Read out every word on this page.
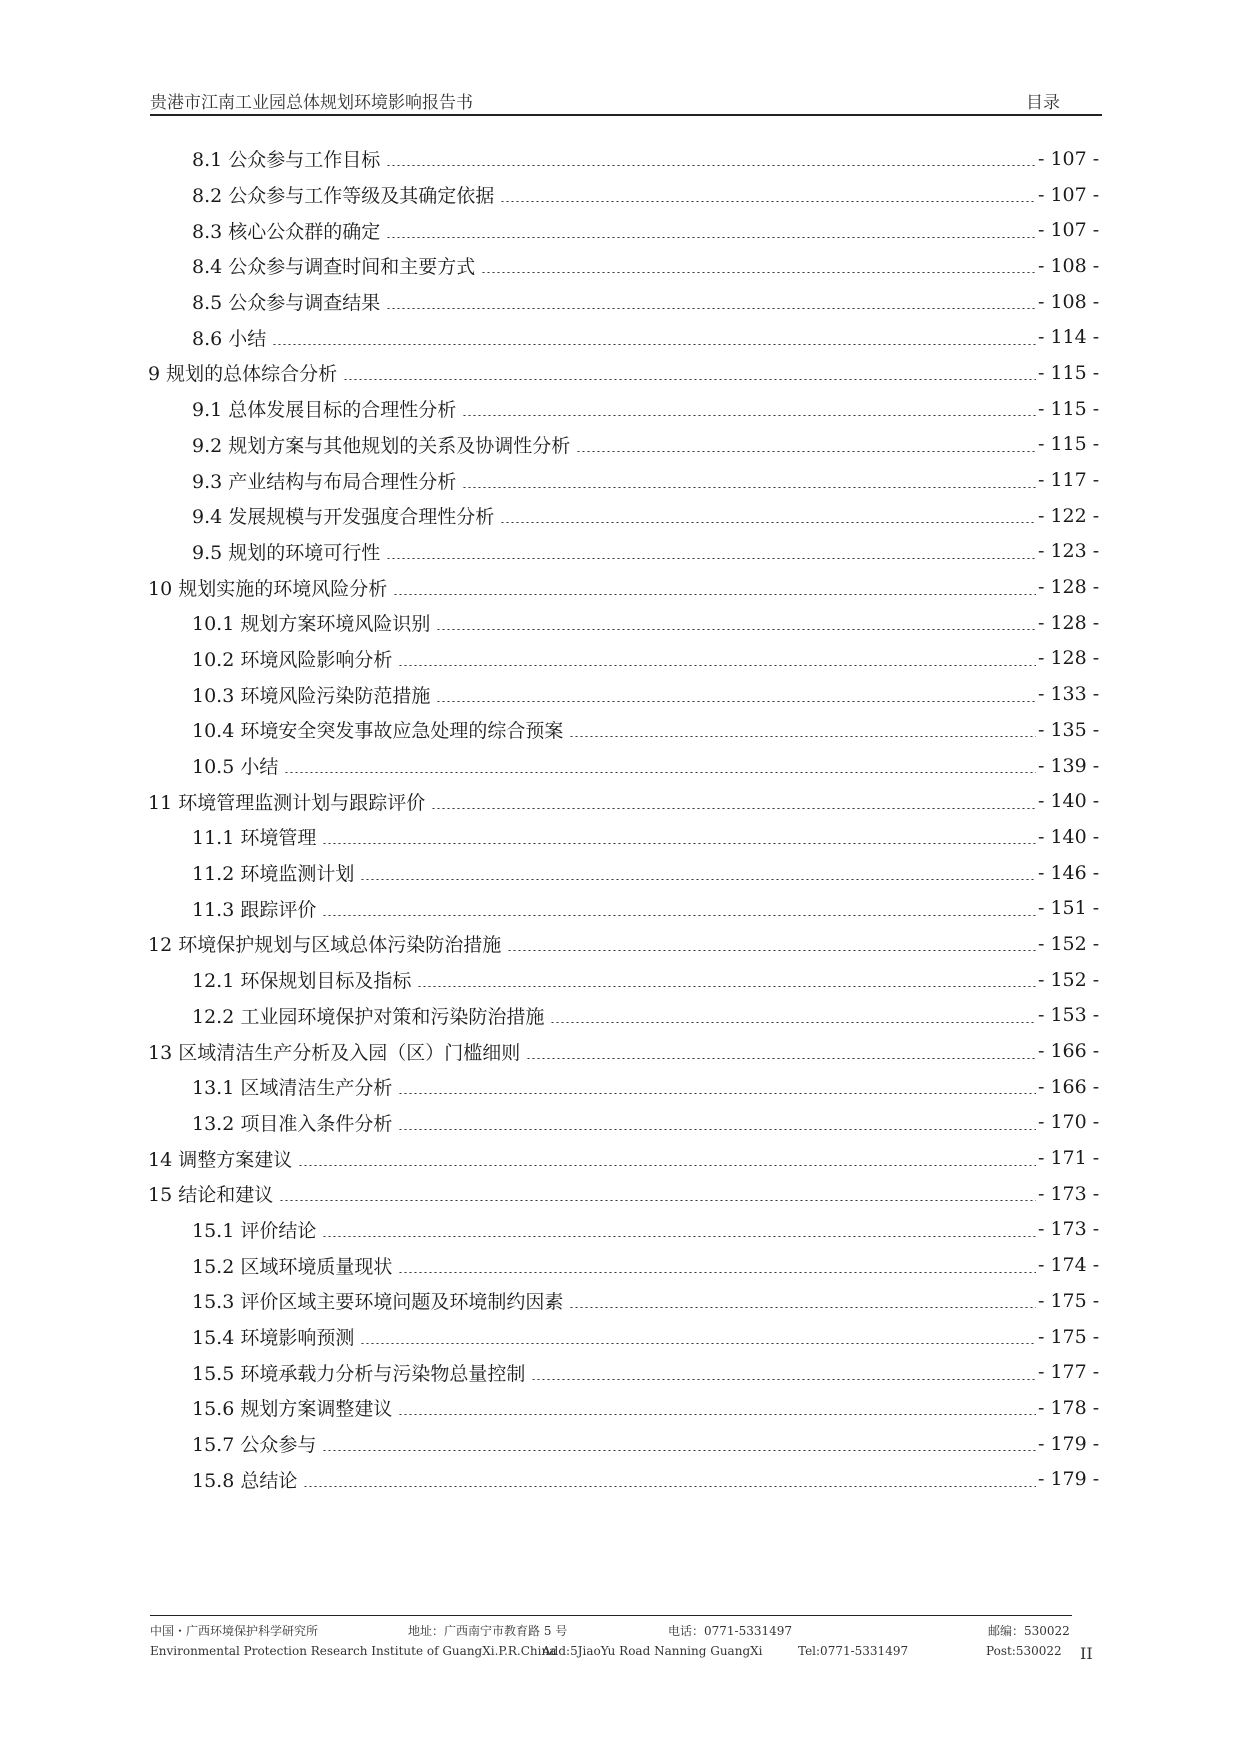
贵港市江南工业园总体规划环境影响报告书	目录
8.1 公众参与工作目标	- 107 -
8.2 公众参与工作等级及其确定依据	- 107 -
8.3 核心公众群的确定	- 107 -
8.4 公众参与调查时间和主要方式	- 108 -
8.5 公众参与调查结果	- 108 -
8.6 小结	- 114 -
9 规划的总体综合分析	- 115 -
9.1 总体发展目标的合理性分析	- 115 -
9.2 规划方案与其他规划的关系及协调性分析	- 115 -
9.3 产业结构与布局合理性分析	- 117 -
9.4 发展规模与开发强度合理性分析	- 122 -
9.5 规划的环境可行性	- 123 -
10 规划实施的环境风险分析	- 128 -
10.1 规划方案环境风险识别	- 128 -
10.2 环境风险影响分析	- 128 -
10.3 环境风险污染防范措施	- 133 -
10.4 环境安全突发事故应急处理的综合预案	- 135 -
10.5 小结	- 139 -
11 环境管理监测计划与跟踪评价	- 140 -
11.1 环境管理	- 140 -
11.2 环境监测计划	- 146 -
11.3 跟踪评价	- 151 -
12 环境保护规划与区域总体污染防治措施	- 152 -
12.1 环保规划目标及指标	- 152 -
12.2 工业园环境保护对策和污染防治措施	- 153 -
13 区域清洁生产分析及入园（区）门槛细则	- 166 -
13.1 区域清洁生产分析	- 166 -
13.2 项目准入条件分析	- 170 -
14 调整方案建议	- 171 -
15 结论和建议	- 173 -
15.1 评价结论	- 173 -
15.2 区域环境质量现状	- 174 -
15.3 评价区域主要环境问题及环境制约因素	- 175 -
15.4 环境影响预测	- 175 -
15.5 环境承载力分析与污染物总量控制	- 177 -
15.6 规划方案调整建议	- 178 -
15.7 公众参与	- 179 -
15.8 总结论	- 179 -
中国・广西环境保护科学研究所	地址：广西南宁市教育路 5 号	电话：0771-5331497	邮编：530022
Environmental Protection Research Institute of GuangXi.P.R.China
Add:5JiaoYu Road Nanning GuangXi	Tel:0771-5331497	Post:530022 II
